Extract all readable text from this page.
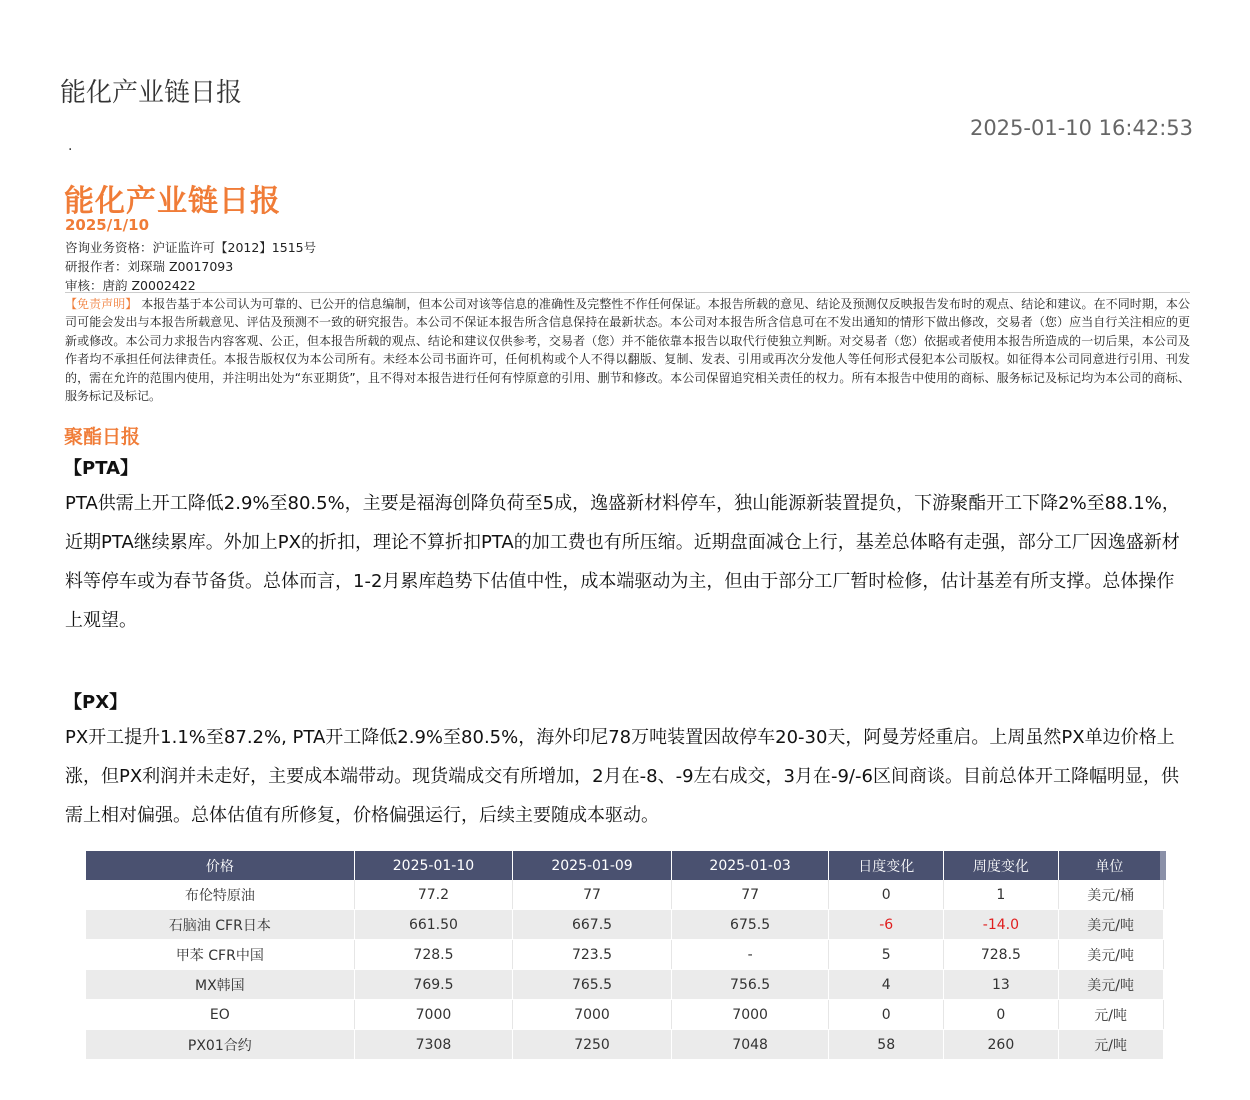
能化产业链日报
2025-01-10 16:42:53
.
能化产业链日报
2025/1/10
咨询业务资格：沪证监许可【2012】1515号
研报作者：刘琛瑞 Z0017093
审核：唐韵 Z0002422
【免责声明】 本报告基于本公司认为可靠的、已公开的信息编制，但本公司对该等信息的准确性及完整性不作任何保证。本报告所载的意见、结论及预测仅反映报告发布时的观点、结论和建议。在不同时期，本公司可能会发出与本报告所载意见、评估及预测不一致的研究报告。本公司不保证本报告所含信息保持在最新状态。本公司对本报告所含信息可在不发出通知的情形下做出修改，交易者（您）应当自行关注相应的更新或修改。本公司力求报告内容客观、公正，但本报告所载的观点、结论和建议仅供参考，交易者（您）并不能依靠本报告以取代行使独立判断。对交易者（您）依据或者使用本报告所造成的一切后果，本公司及作者均不承担任何法律责任。本报告版权仅为本公司所有。未经本公司书面许可，任何机构或个人不得以翻版、复制、发表、引用或再次分发他人等任何形式侵犯本公司版权。如征得本公司同意进行引用、刊发的，需在允许的范围内使用，并注明出处为“东亚期货”，且不得对本报告进行任何有悖原意的引用、删节和修改。本公司保留追究相关责任的权力。所有本报告中使用的商标、服务标记及标记均为本公司的商标、服务标记及标记。
聚酯日报
【PTA】

PTA供需上开工降低2.9%至80.5%，主要是福海创降负荷至5成，逸盛新材料停车，独山能源新装置提负，下游聚酯开工下降2%至88.1%，近期PTA继续累库。外加上PX的折扣，理论不算折扣PTA的加工费也有所压缩。近期盘面减仓上行，基差总体略有走强，部分工厂因逸盛新材料等停车或为春节备货。总体而言，1-2月累库趋势下估值中性，成本端驱动为主，但由于部分工厂暂时检修，估计基差有所支撑。总体操作上观望。

【PX】

PX开工提升1.1%至87.2%, PTA开工降低2.9%至80.5%，海外印尼78万吨装置因故停车20-30天，阿曼芳烃重启。上周虽然PX单边价格上涨，但PX利润并未走好，主要成本端带动。现货端成交有所增加，2月在-8、-9左右成交，3月在-9/-6区间商谈。目前总体开工降幅明显，供需上相对偏强。总体估值有所修复，价格偏强运行，后续主要随成本驱动。

价格	2025-01-10	2025-01-09	2025-01-03	日度变化	周度变化	单位
布伦特原油	77.2	77	77	0	1	美元/桶
石脑油 CFR日本	661.50	667.5	675.5	-6	-14.0	美元/吨
甲苯 CFR中国	728.5	723.5	-	5	728.5	美元/吨
MX韩国	769.5	765.5	756.5	4	13	美元/吨
EO	7000	7000	7000	0	0	元/吨
PX01合约	7308	7250	7048	58	260	元/吨
